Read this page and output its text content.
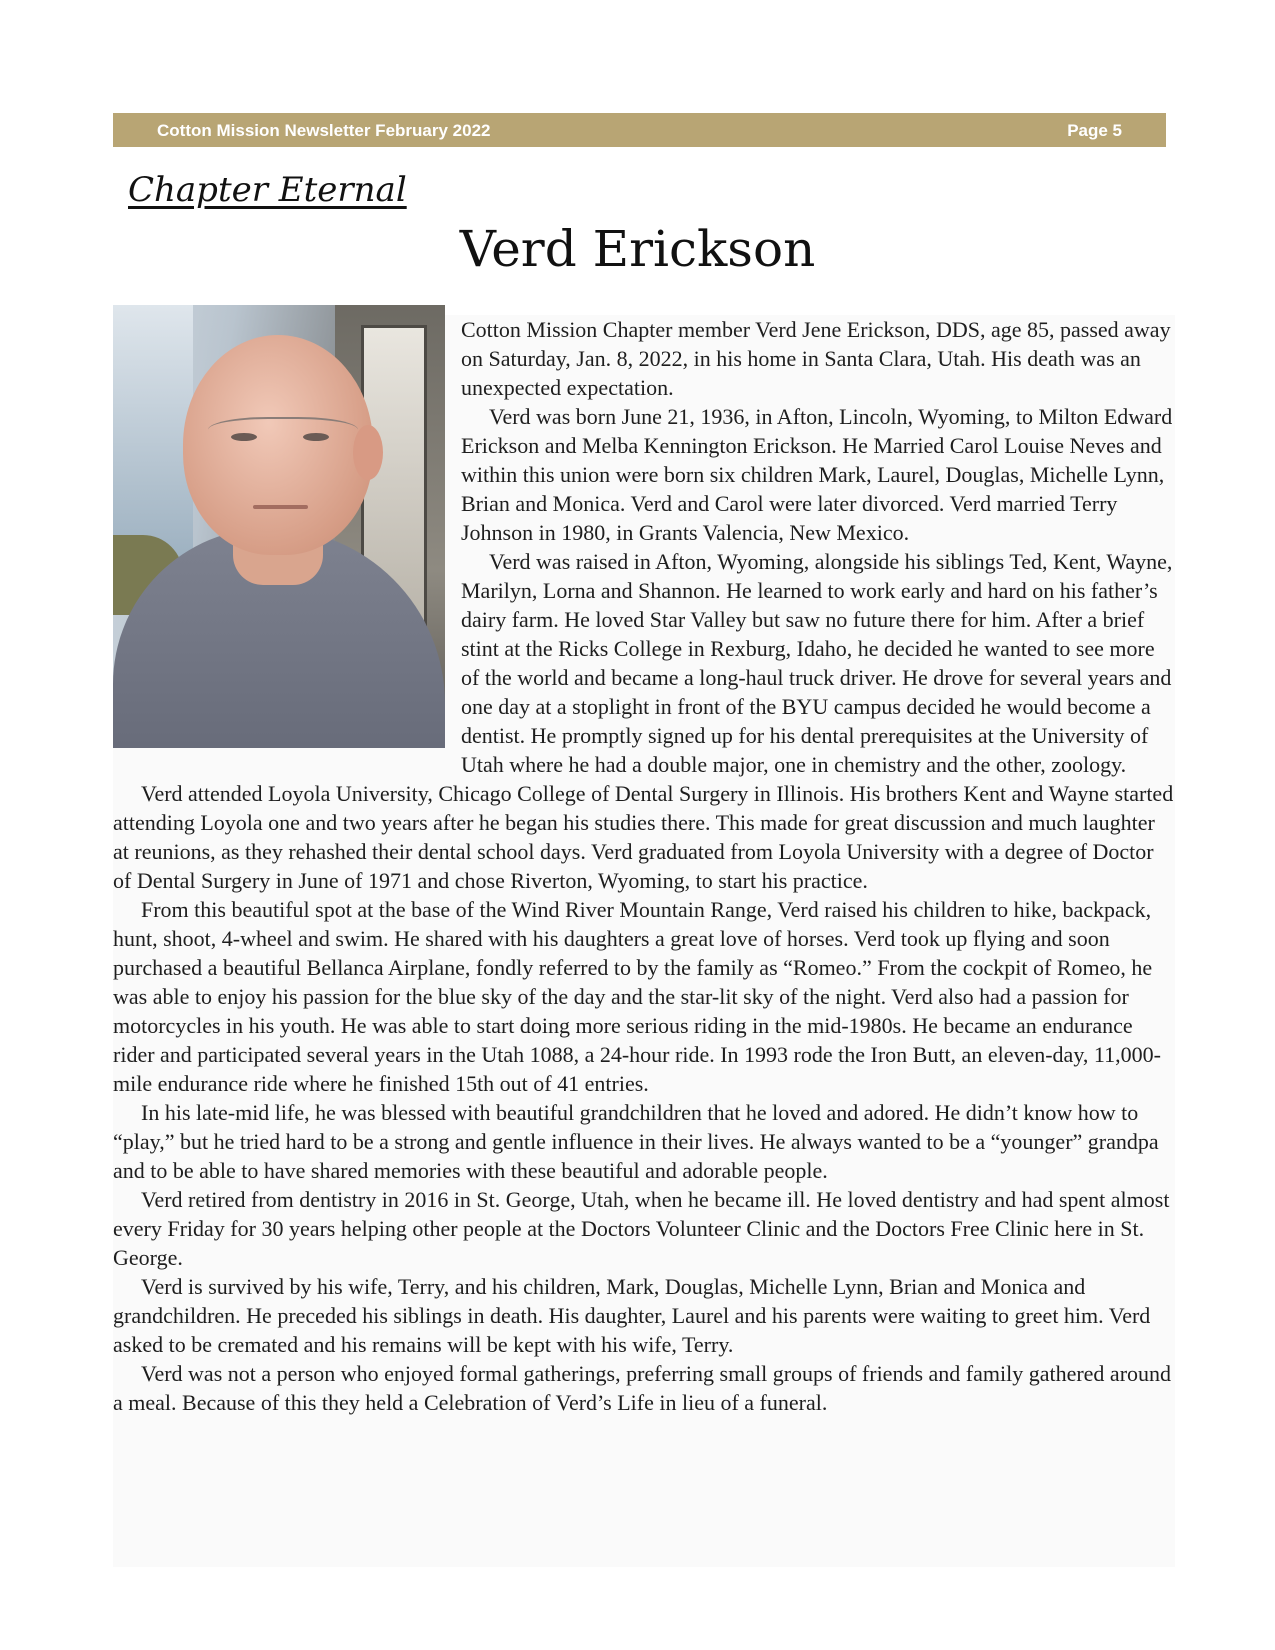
Cotton Mission Newsletter February 2022	Page 5
Chapter Eternal
Verd Erickson

Cotton Mission Chapter member Verd Jene Erickson, DDS, age 85, passed away on Saturday, Jan. 8, 2022, in his home in Santa Clara, Utah. His death was an unexpected expectation.

Verd was born June 21, 1936, in Afton, Lincoln, Wyoming, to Milton Edward Erickson and Melba Kennington Erickson. He Married Carol Louise Neves and within this union were born six children Mark, Laurel, Douglas, Michelle Lynn, Brian and Monica. Verd and Carol were later divorced. Verd married Terry Johnson in 1980, in Grants Valencia, New Mexico.

Verd was raised in Afton, Wyoming, alongside his siblings Ted, Kent, Wayne, Marilyn, Lorna and Shannon. He learned to work early and hard on his father’s dairy farm. He loved Star Valley but saw no future there for him. After a brief stint at the Ricks College in Rexburg, Idaho, he decided he wanted to see more of the world and became a long-haul truck driver. He drove for several years and one day at a stoplight in front of the BYU campus decided he would become a dentist. He promptly signed up for his dental prerequisites at the University of Utah where he had a double major, one in chemistry and the other, zoology.

Verd attended Loyola University, Chicago College of Dental Surgery in Illinois. His brothers Kent and Wayne started attending Loyola one and two years after he began his studies there. This made for great discussion and much laughter at reunions, as they rehashed their dental school days. Verd graduated from Loyola University with a degree of Doctor of Dental Surgery in June of 1971 and chose Riverton, Wyoming, to start his practice.

From this beautiful spot at the base of the Wind River Mountain Range, Verd raised his children to hike, backpack, hunt, shoot, 4-wheel and swim. He shared with his daughters a great love of horses. Verd took up flying and soon purchased a beautiful Bellanca Airplane, fondly referred to by the family as “Romeo.” From the cockpit of Romeo, he was able to enjoy his passion for the blue sky of the day and the star-lit sky of the night. Verd also had a passion for motorcycles in his youth. He was able to start doing more serious riding in the mid-1980s. He became an endurance rider and participated several years in the Utah 1088, a 24-hour ride. In 1993 rode the Iron Butt, an eleven-day, 11,000-mile endurance ride where he finished 15th out of 41 entries.

In his late-mid life, he was blessed with beautiful grandchildren that he loved and adored. He didn’t know how to “play,” but he tried hard to be a strong and gentle influence in their lives. He always wanted to be a “younger” grandpa and to be able to have shared memories with these beautiful and adorable people.

Verd retired from dentistry in 2016 in St. George, Utah, when he became ill. He loved dentistry and had spent almost every Friday for 30 years helping other people at the Doctors Volunteer Clinic and the Doctors Free Clinic here in St. George.

Verd is survived by his wife, Terry, and his children, Mark, Douglas, Michelle Lynn, Brian and Monica and grandchildren. He preceded his siblings in death. His daughter, Laurel and his parents were waiting to greet him. Verd asked to be cremated and his remains will be kept with his wife, Terry.

Verd was not a person who enjoyed formal gatherings, preferring small groups of friends and family gathered around a meal. Because of this they held a Celebration of Verd’s Life in lieu of a funeral.
